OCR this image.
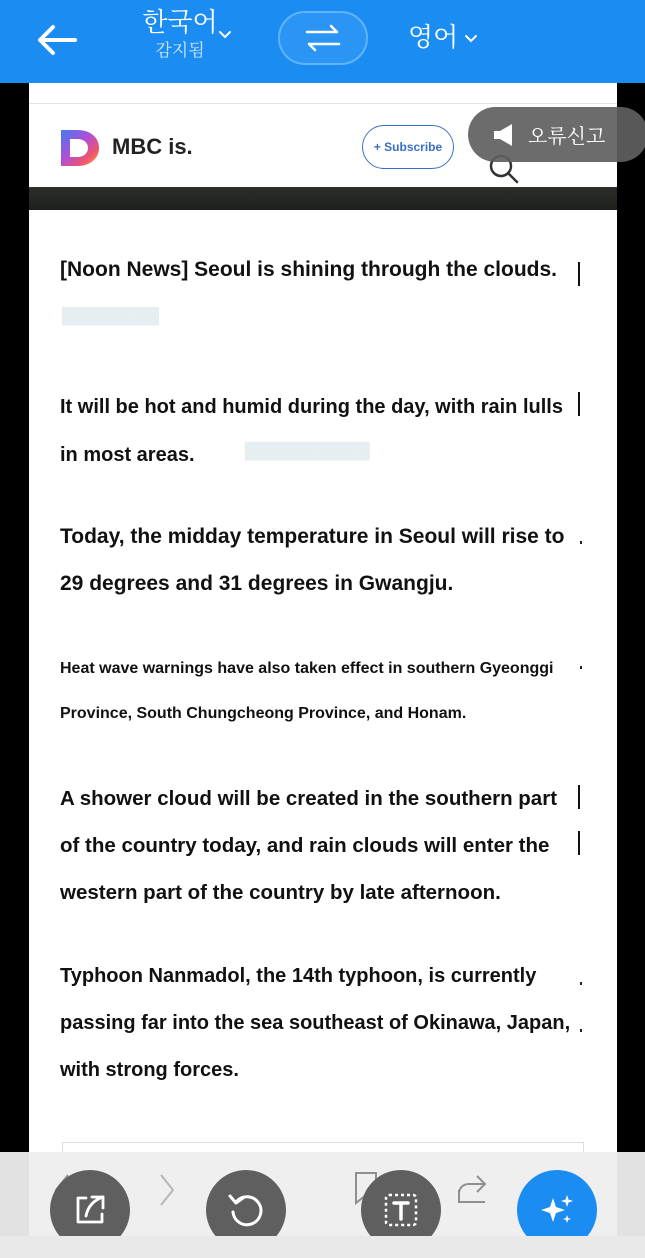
한국어
감지됨	영어
MBC is.	+ Subscribe	오류신고
▇▇▇▇▇▇▇
▇▇▇▇▇▇▇▇▇
[Noon News] Seoul is shining through the clouds.
It will be hot and humid during the day, with rain lulls in most areas.
Today, the midday temperature in Seoul will rise to 29 degrees and 31 degrees in Gwangju.
Heat wave warnings have also taken effect in southern Gyeonggi Province, South Chungcheong Province, and Honam.
A shower cloud will be created in the southern part of the country today, and rain clouds will enter the western part of the country by late afternoon.
Typhoon Nanmadol, the 14th typhoon, is currently passing far into the sea southeast of Okinawa, Japan, with strong forces.
